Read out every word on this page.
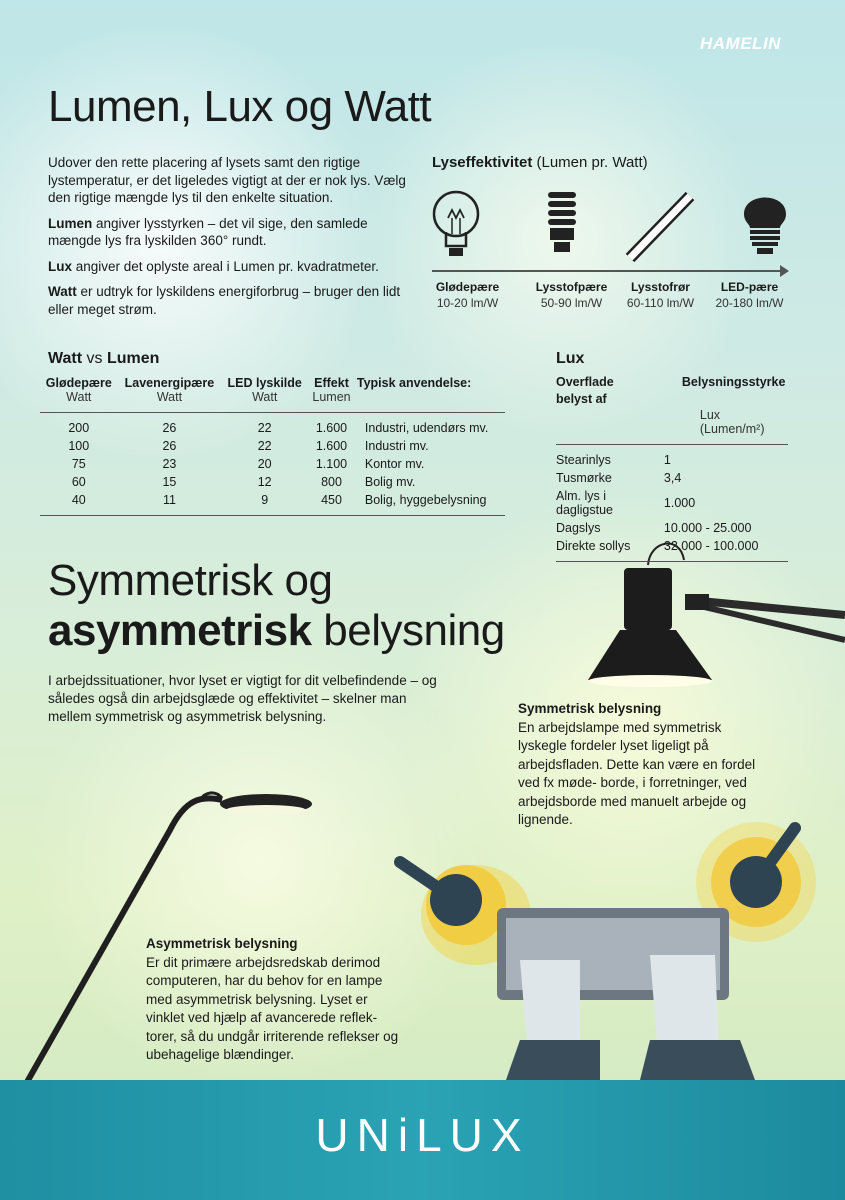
HAMELIN
Lumen, Lux og Watt

Udover den rette placering af lysets samt den rigtige lystemperatur, er det ligeledes vigtigt at der er nok lys. Vælg den rigtige mængde lys til den enkelte situation.

Lumen angiver lysstyrken – det vil sige, den samlede mængde lys fra lyskilden 360° rundt.

Lux angiver det oplyste areal i Lumen pr. kvadratmeter.

Watt er udtryk for lyskildens energiforbrug – bruger den lidt eller meget strøm.

Lyseffektivitet (Lumen pr. Watt)
Glødepære
10-20 lm/W
Lysstofpære
50-90 lm/W
Lysstofrør
60-110 lm/W
LED-pære
20-180 lm/W
Watt vs Lumen
Glødepære	Lavenergipære	LED lyskilde	Effekt	Typisk anvendelse:
Watt	Watt	Watt	Lumen	
200	26	22	1.600	Industri, udendørs mv.
100	26	22	1.600	Industri mv.
75	23	20	1.100	Kontor mv.
60	15	12	800	Bolig mv.
40	11	9	450	Bolig, hyggebelysning
Lux
Overflade
belyst af	Belysningsstyrke
	Lux (Lumen/m²)
Stearinlys	1
Tusmørke	3,4
Alm. lys i dagligstue	1.000
Dagslys	10.000 - 25.000
Direkte sollys	32.000 - 100.000
Symmetrisk og
asymmetrisk belysning

I arbejdssituationer, hvor lyset er vigtigt for dit velbefindende – og således også din arbejdsglæde og effektivitet – skelner man mellem symmetrisk og asymmetrisk belysning.

Symmetrisk belysning
En arbejdslampe med symmetrisk lyskegle fordeler lyset ligeligt på arbejdsfladen. Dette kan være en fordel ved fx møde- borde, i forretninger, ved arbejdsborde med manuelt arbejde og lignende.
Asymmetrisk belysning
Er dit primære arbejdsredskab derimod computeren, har du behov for en lampe med asymmetrisk belysning. Lyset er vinklet ved hjælp af avancerede reflek- torer, så du undgår irriterende reflekser og ubehagelige blændinger.
UNiLUX
